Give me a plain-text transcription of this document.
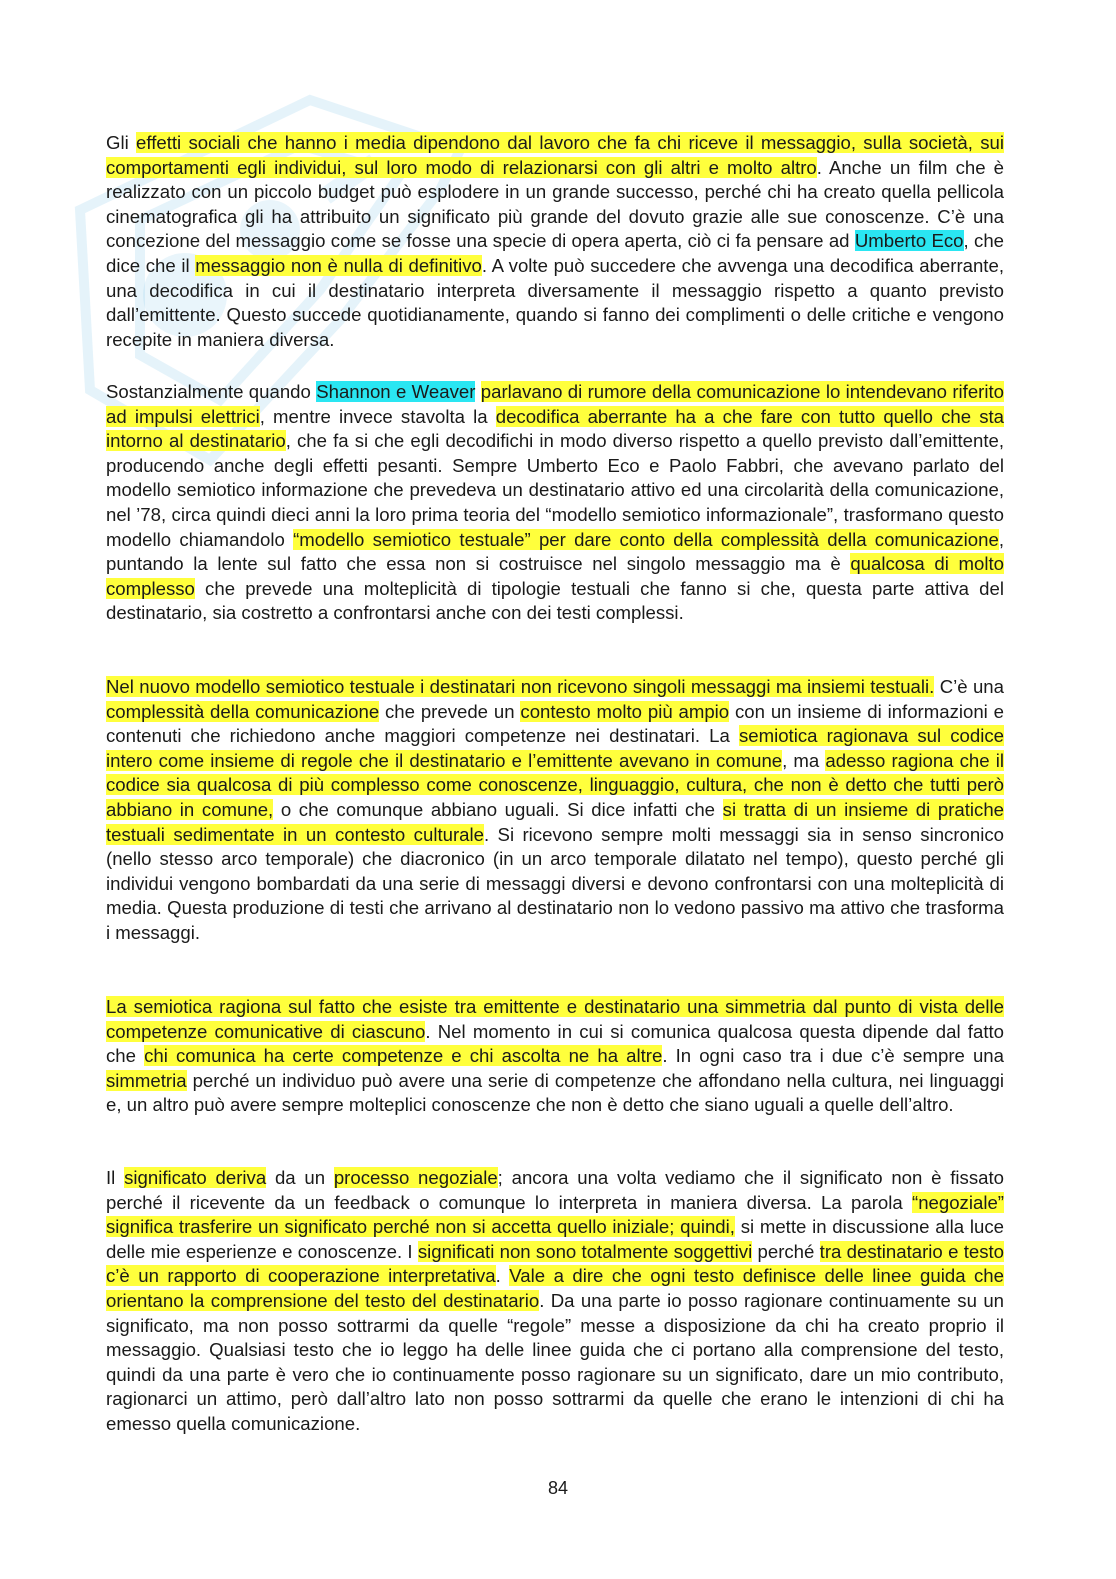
Gli effetti sociali che hanno i media dipendono dal lavoro che fa chi riceve il messaggio, sulla società, sui comportamenti egli individui, sul loro modo di relazionarsi con gli altri e molto altro. Anche un film che è realizzato con un piccolo budget può esplodere in un grande successo, perché chi ha creato quella pellicola cinematografica gli ha attribuito un significato più grande del dovuto grazie alle sue conoscenze. C’è una concezione del messaggio come se fosse una specie di opera aperta, ciò ci fa pensare ad Umberto Eco, che dice che il messaggio non è nulla di definitivo. A volte può succedere che avvenga una decodifica aberrante, una decodifica in cui il destinatario interpreta diversamente il messaggio rispetto a quanto previsto dall’emittente. Questo succede quotidianamente, quando si fanno dei complimenti o delle critiche e vengono recepite in maniera diversa.

Sostanzialmente quando Shannon e Weaver parlavano di rumore della comunicazione lo intendevano riferito ad impulsi elettrici, mentre invece stavolta la decodifica aberrante ha a che fare con tutto quello che sta intorno al destinatario, che fa si che egli decodifichi in modo diverso rispetto a quello previsto dall’emittente, producendo anche degli effetti pesanti. Sempre Umberto Eco e Paolo Fabbri, che avevano parlato del modello semiotico informazione che prevedeva un destinatario attivo ed una circolarità della comunicazione, nel ’78, circa quindi dieci anni la loro prima teoria del “modello semiotico informazionale”, trasformano questo modello chiamandolo “modello semiotico testuale” per dare conto della complessità della comunicazione, puntando la lente sul fatto che essa non si costruisce nel singolo messaggio ma è qualcosa di molto complesso che prevede una molteplicità di tipologie testuali che fanno si che, questa parte attiva del destinatario, sia costretto a confrontarsi anche con dei testi complessi.

Nel nuovo modello semiotico testuale i destinatari non ricevono singoli messaggi ma insiemi testuali. C’è una complessità della comunicazione che prevede un contesto molto più ampio con un insieme di informazioni e contenuti che richiedono anche maggiori competenze nei destinatari. La semiotica ragionava sul codice intero come insieme di regole che il destinatario e l’emittente avevano in comune, ma adesso ragiona che il codice sia qualcosa di più complesso come conoscenze, linguaggio, cultura, che non è detto che tutti però abbiano in comune, o che comunque abbiano uguali. Si dice infatti che si tratta di un insieme di pratiche testuali sedimentate in un contesto culturale. Si ricevono sempre molti messaggi sia in senso sincronico (nello stesso arco temporale) che diacronico (in un arco temporale dilatato nel tempo), questo perché gli individui vengono bombardati da una serie di messaggi diversi e devono confrontarsi con una molteplicità di media. Questa produzione di testi che arrivano al destinatario non lo vedono passivo ma attivo che trasforma i messaggi.

La semiotica ragiona sul fatto che esiste tra emittente e destinatario una simmetria dal punto di vista delle competenze comunicative di ciascuno. Nel momento in cui si comunica qualcosa questa dipende dal fatto che chi comunica ha certe competenze e chi ascolta ne ha altre. In ogni caso tra i due c’è sempre una simmetria perché un individuo può avere una serie di competenze che affondano nella cultura, nei linguaggi e, un altro può avere sempre molteplici conoscenze che non è detto che siano uguali a quelle dell’altro.

Il significato deriva da un processo negoziale; ancora una volta vediamo che il significato non è fissato perché il ricevente da un feedback o comunque lo interpreta in maniera diversa. La parola “negoziale” significa trasferire un significato perché non si accetta quello iniziale; quindi, si mette in discussione alla luce delle mie esperienze e conoscenze. I significati non sono totalmente soggettivi perché tra destinatario e testo c’è un rapporto di cooperazione interpretativa. Vale a dire che ogni testo definisce delle linee guida che orientano la comprensione del testo del destinatario. Da una parte io posso ragionare continuamente su un significato, ma non posso sottrarmi da quelle “regole” messe a disposizione da chi ha creato proprio il messaggio. Qualsiasi testo che io leggo ha delle linee guida che ci portano alla comprensione del testo, quindi da una parte è vero che io continuamente posso ragionare su un significato, dare un mio contributo, ragionarci un attimo, però dall’altro lato non posso sottrarmi da quelle che erano le intenzioni di chi ha emesso quella comunicazione.

84
